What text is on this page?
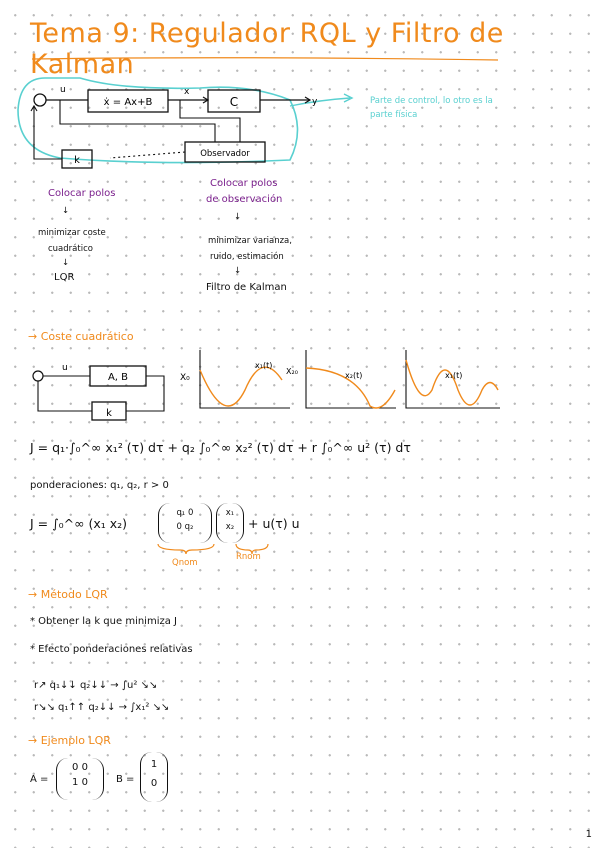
Tema 9: Regulador RQL y Filtro de Kalman
u	x
y
ẋ = Ax+B	C
Observador
k
Parte de control, lo otro es la
parte física
Colocar polos
↓
minimizar coste
cuadrático
↓
LQR
Colocar polos
de observación
↓
minimizar varianza,
ruido, estimación
↓
Filtro de Kalman
→ Coste cuadrático
u
A, B
k
X₀
x₁(t)
X₂₀	x₂(t)	x₁(t)
J = q₁·∫₀^∞ x₁² (τ) dτ + q₂ ∫₀^∞ x₂² (τ) dτ + r ∫₀^∞ u² (τ) dτ
ponderaciones: q₁, q₂, r > 0
J = ∫₀^∞ (x₁ x₂)
q₁ 0
0 q₂
x₁
x₂	+ u(τ) u
Qnom
Rnom
→ Método LQR
* Obtener la k que minimiza J
* Efecto ponderaciones relativas
r↗ q₁↓↓ q₂↓↓ → ∫u² ↘↘
r↘↘ q₁↑↑ q₂↓↓ → ∫x₁² ↘↘
→ Ejemplo LQR
A =
0 0
1 0	B =
1
0
1
